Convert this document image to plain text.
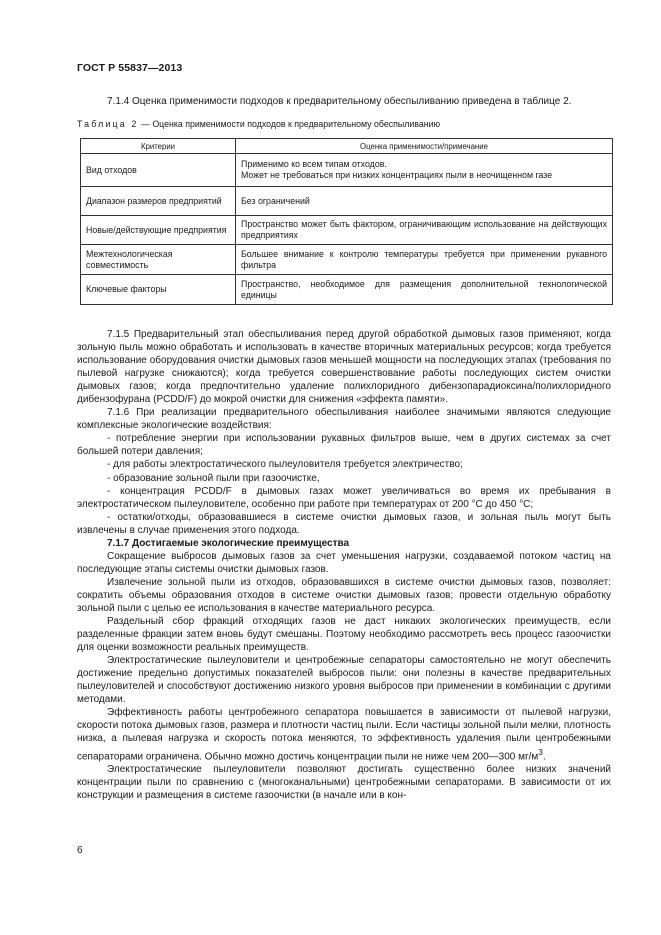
ГОСТ Р 55837—2013
7.1.4 Оценка применимости подходов к предварительному обеспыливанию приведена в таблице 2.
Таблица 2 — Оценка применимости подходов к предварительному обеспыливанию
Критерии	Оценка применимости/примечание
Вид отходов	Применимо ко всем типам отходов.
Может не требоваться при низких концентрациях пыли в неочищенном газе

Диапазон размеров предприятий	Без ограничений

Новые/действующие предприятия	Пространство может быть фактором, ограничивающим использование на действующих предприятиях

Межтехнологическая совместимость	Большее внимание к контролю температуры требуется при применении рукавного фильтра

Ключевые факторы	Пространство, необходимое для размещения дополнительной технологической единицы

7.1.5 Предварительный этап обеспыливания перед другой обработкой дымовых газов применяют, когда зольную пыль можно обработать и использовать в качестве вторичных материальных ресурсов; когда требуется использование оборудования очистки дымовых газов меньшей мощности на последующих этапах (требования по пылевой нагрузке снижаются); когда требуется совершенствование работы последующих систем очистки дымовых газов; когда предпочтительно удаление полихлоридного дибензопарадиоксина/полихлоридного дибензофурана (PCDD/F) до мокрой очистки для снижения «эффекта памяти».

7.1.6 При реализации предварительного обеспыливания наиболее значимыми являются следующие комплексные экологические воздействия:

- потребление энергии при использовании рукавных фильтров выше, чем в других системах за счет большей потери давления;

- для работы электростатического пылеуловителя требуется электричество;

- образование зольной пыли при газоочистке,

- концентрация PCDD/F в дымовых газах может увеличиваться во время их пребывания в электростатическом пылеуловителе, особенно при работе при температурах от 200 °С до 450 °С;

- остатки/отходы, образовавшиеся в системе очистки дымовых газов, и зольная пыль могут быть извлечены в случае применения этого подхода.

7.1.7 Достигаемые экологические преимущества

Сокращение выбросов дымовых газов за счет уменьшения нагрузки, создаваемой потоком частиц на последующие этапы системы очистки дымовых газов.

Извлечение зольной пыли из отходов, образовавшихся в системе очистки дымовых газов, позволяет: сократить объемы образования отходов в системе очистки дымовых газов; провести отдельную обработку зольной пыли с целью ее использования в качестве материального ресурса.

Раздельный сбор фракций отходящих газов не даст никаких экологических преимуществ, если разделенные фракции затем вновь будут смешаны. Поэтому необходимо рассмотреть весь процесс газоочистки для оценки возможности реальных преимуществ.

Электростатические пылеуловители и центробежные сепараторы самостоятельно не могут обеспечить достижение предельно допустимых показателей выбросов пыли: они полезны в качестве предварительных пылеуловителей и способствуют достижению низкого уровня выбросов при применении в комбинации с другими методами.

Эффективность работы центробежного сепаратора повышается в зависимости от пылевой нагрузки, скорости потока дымовых газов, размера и плотности частиц пыли. Если частицы зольной пыли мелки, плотность низка, а пылевая нагрузка и скорость потока меняются, то эффективность удаления пыли центробежными сепараторами ограничена. Обычно можно достичь концентрации пыли не ниже чем 200—300 $мг/м^3$.

Электростатические пылеуловители позволяют достигать существенно более низких значений концентрации пыли по сравнению с (многоканальными) центробежными сепараторами. В зависимости от их конструкции и размещения в системе газоочистки (в начале или в кон-

6
